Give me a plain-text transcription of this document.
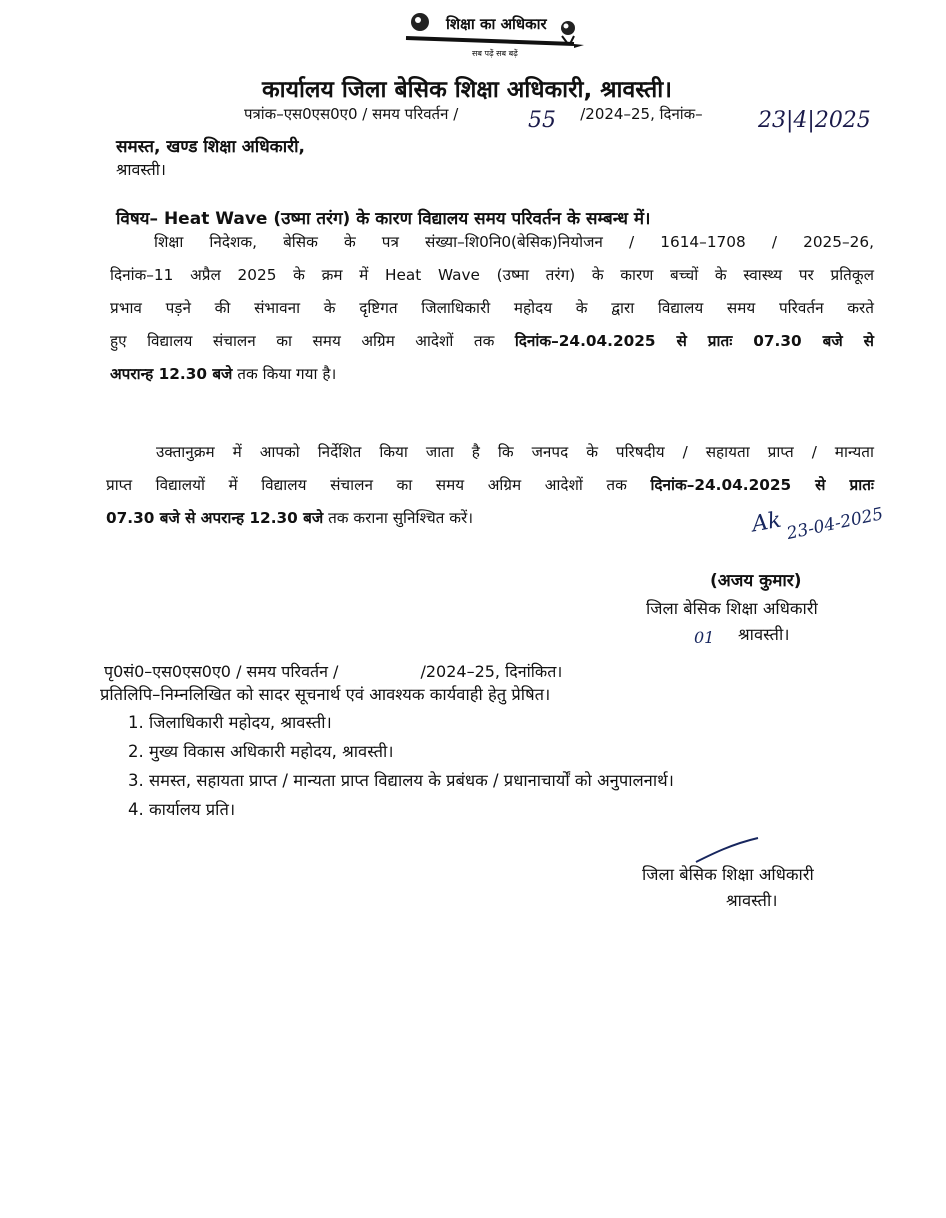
शिक्षा का अधिकार
सब पढ़ें सब बढ़ें
कार्यालय जिला बेसिक शिक्षा अधिकारी, श्रावस्ती।
पत्रांक–एस0एस0ए0 / समय परिवर्तन /	/2024–25, दिनांक–
55	23|4|2025
समस्त, खण्ड शिक्षा अधिकारी,
श्रावस्ती।
विषय– Heat Wave (उष्मा तरंग) के कारण विद्यालय समय परिवर्तन के सम्बन्ध में।
शिक्षा निदेशक, बेसिक के पत्र संख्या–शि0नि0(बेसिक)नियोजन / 1614–1708 / 2025–26,
दिनांक–11 अप्रैल 2025 के क्रम में Heat Wave (उष्मा तरंग) के कारण बच्चों के स्वास्थ्य पर प्रतिकूल
प्रभाव पड़ने की संभावना के दृष्टिगत जिलाधिकारी महोदय के द्वारा विद्यालय समय परिवर्तन करते
हुए विद्यालय संचालन का समय अग्रिम आदेशों तक दिनांक–24.04.2025 से प्रातः 07.30 बजे से
अपरान्ह 12.30 बजे तक किया गया है।
उक्तानुक्रम में आपको निर्देशित किया जाता है कि जनपद के परिषदीय / सहायता प्राप्त / मान्यता
प्राप्त विद्यालयों में विद्यालय संचालन का समय अग्रिम आदेशों तक दिनांक–24.04.2025 से प्रातः
07.30 बजे से अपरान्ह 12.30 बजे तक कराना सुनिश्चित करें।	Ak 23-04-2025
(अजय कुमार)
जिला बेसिक शिक्षा अधिकारी
01 श्रावस्ती।
पृ0सं0–एस0एस0ए0 / समय परिवर्तन /	/2024–25, दिनांकित।
प्रतिलिपि–निम्नलिखित को सादर सूचनार्थ एवं आवश्यक कार्यवाही हेतु प्रेषित।
1. जिलाधिकारी महोदय, श्रावस्ती।
2. मुख्य विकास अधिकारी महोदय, श्रावस्ती।
3. समस्त, सहायता प्राप्त / मान्यता प्राप्त विद्यालय के प्रबंधक / प्रधानाचार्यों को अनुपालनार्थ।
4. कार्यालय प्रति।
जिला बेसिक शिक्षा अधिकारी
श्रावस्ती।
